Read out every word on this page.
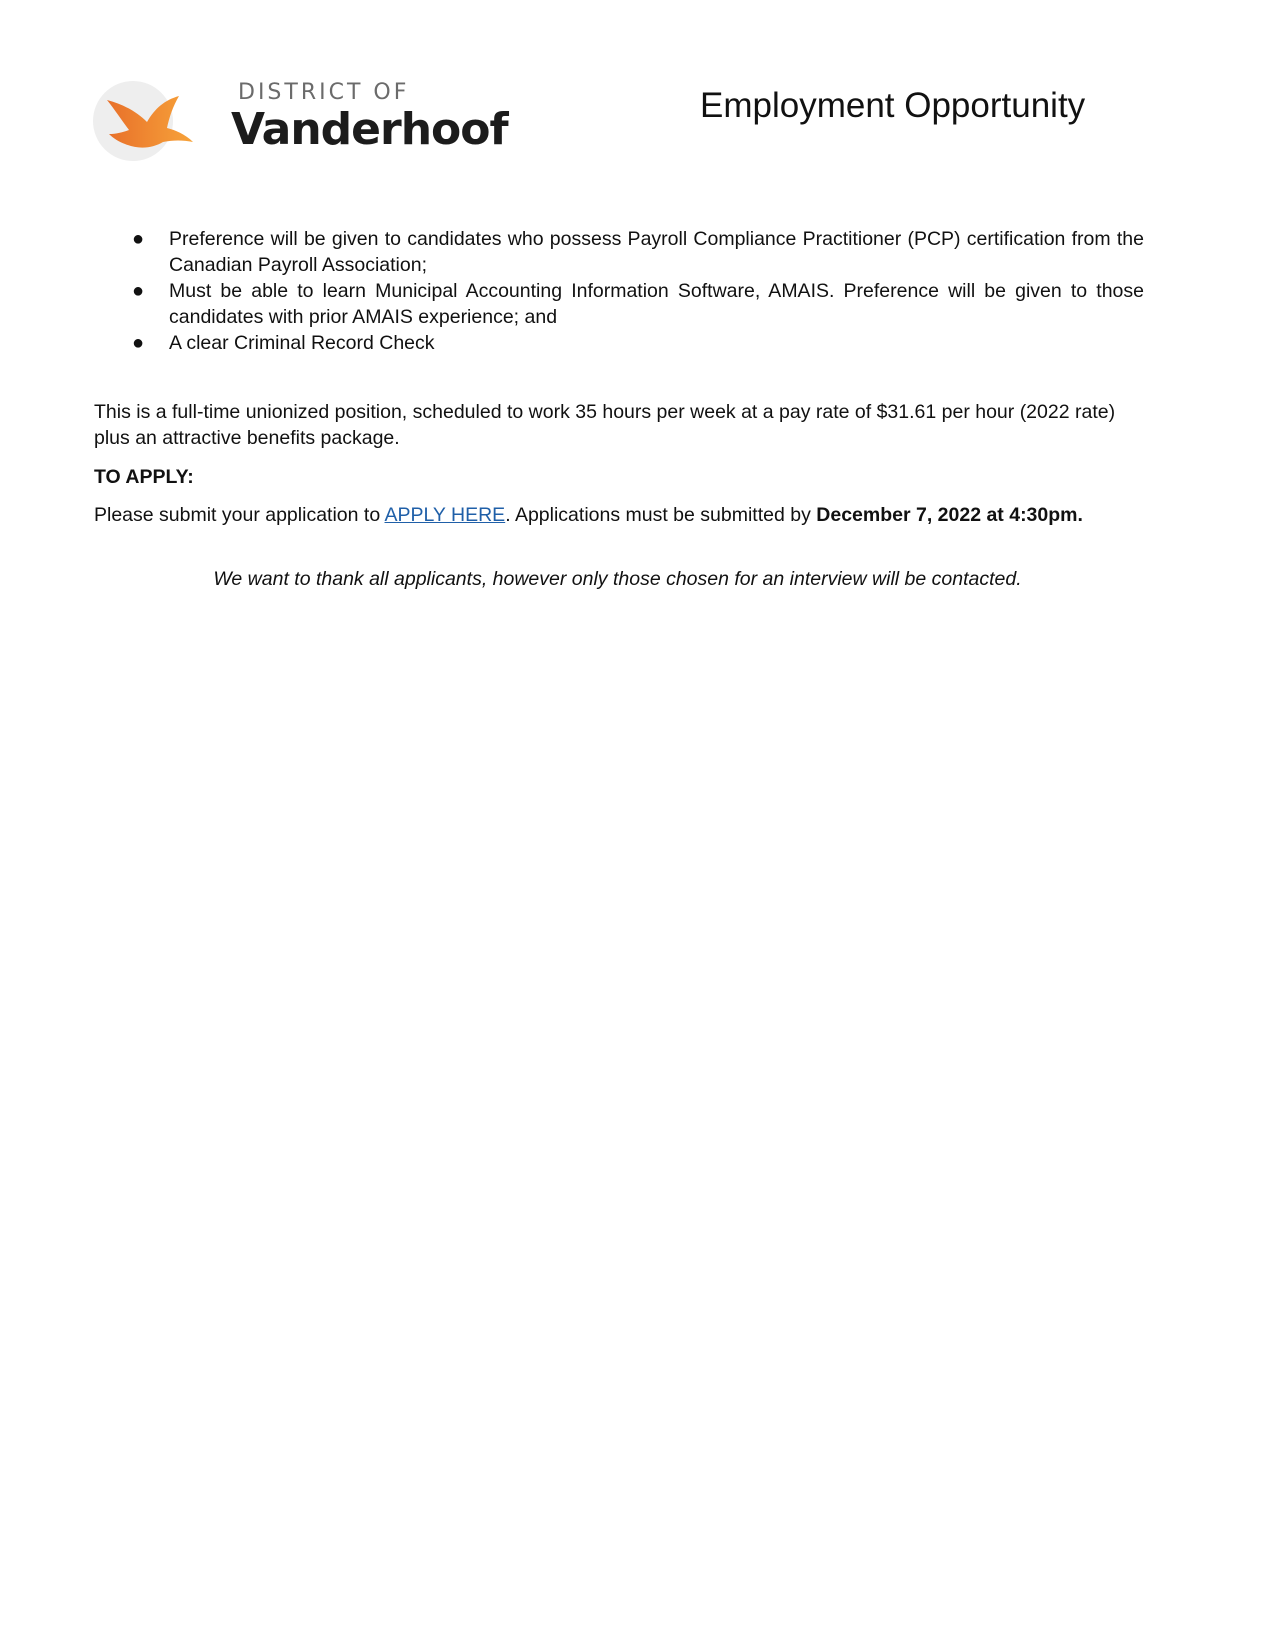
DISTRICT OF
Vanderhoof	Employment Opportunity
● Preference will be given to candidates who possess Payroll Compliance Practitioner (PCP) certification from the Canadian Payroll Association;
● Must be able to learn Municipal Accounting Information Software, AMAIS. Preference will be given to those candidates with prior AMAIS experience; and
● A clear Criminal Record Check

This is a full-time unionized position, scheduled to work 35 hours per week at a pay rate of $31.61 per hour (2022 rate) plus an attractive benefits package.

TO APPLY:

Please submit your application to APPLY HERE. Applications must be submitted by December 7, 2022 at 4:30pm.

We want to thank all applicants, however only those chosen for an interview will be contacted.
